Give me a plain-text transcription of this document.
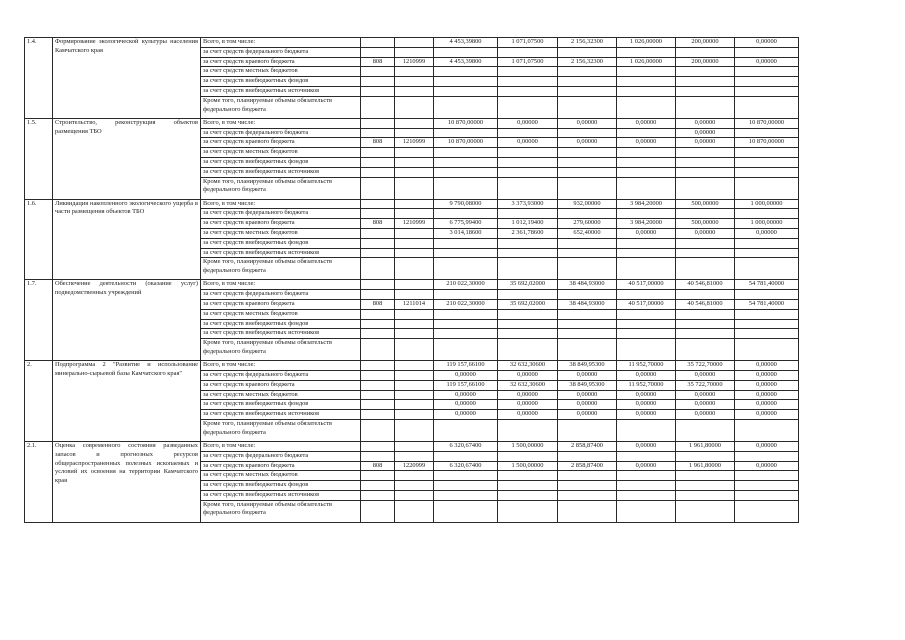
1.4.	Формирование экологической культуры населения Камчатского края	Всего, в том числе:			4 453,39800	1 071,07500	2 156,32300	1 026,00000	200,00000	0,00000
		за счет средств федерального бюджета								
		за счет средств краевого бюджета	808	1210999	4 453,39800	1 071,07500	2 156,32300	1 026,00000	200,00000	0,00000
		за счет средств местных бюджетов								
		за счет средств внебюджетных фондов								
		за счет средств внебюджетных источников								
		Кроме того, планируемые объемы обязательств федерального бюджета								
1.5.	Строительство, реконструкция объектов размещения ТБО	Всего, в том числе:			10 870,00000	0,00000	0,00000	0,00000	0,00000	10 870,00000
		за счет средств федерального бюджета							0,00000	
		за счет средств краевого бюджета	808	1210999	10 870,00000	0,00000	0,00000	0,00000	0,00000	10 870,00000
		за счет средств местных бюджетов								
		за счет средств внебюджетных фондов								
		за счет средств внебюджетных источников								
		Кроме того, планируемые объемы обязательств федерального бюджета								
1.6.	Ликвидация накопленного экологического ущерба в части размещения объектов ТБО	Всего, в том числе:			9 790,08000	3 373,93000	932,00000	3 984,20000	500,00000	1 000,00000
		за счет средств федерального бюджета								
		за счет средств краевого бюджета	808	1210999	6 775,99400	1 012,19400	279,60000	3 984,20000	500,00000	1 000,00000
		за счет средств местных бюджетов			3 014,18600	2 361,78600	652,40000	0,00000	0,00000	0,00000
		за счет средств внебюджетных фондов								
		за счет средств внебюджетных источников								
		Кроме того, планируемые объемы обязательств федерального бюджета								
1.7.	Обеспечение деятельности (оказание услуг) подведомственных учреждений	Всего, в том числе:			210 022,30000	35 692,02000	38 484,93000	40 517,00000	40 546,81000	54 781,40000
		за счет средств федерального бюджета								
		за счет средств краевого бюджета	808	1211014	210 022,30000	35 692,02000	38 484,93000	40 517,00000	40 546,81000	54 781,40000
		за счет средств местных бюджетов								
		за счет средств внебюджетных фондов								
		за счет средств внебюджетных источников								
		Кроме того, планируемые объемы обязательств федерального бюджета								
2.	Подпрограмма 2 "Развитие и использование минерально-сырьевой базы Камчатского края"	Всего, в том числе:			119 157,66100	32 632,30600	38 849,95300	11 952,70000	35 722,70000	0,00000
		за счет средств федерального бюджета			0,00000	0,00000	0,00000	0,00000	0,00000	0,00000
		за счет средств краевого бюджета			119 157,66100	32 632,30600	38 849,95300	11 952,70000	35 722,70000	0,00000
		за счет средств местных бюджетов			0,00000	0,00000	0,00000	0,00000	0,00000	0,00000
		за счет средств внебюджетных фондов			0,00000	0,00000	0,00000	0,00000	0,00000	0,00000
		за счет средств внебюджетных источников			0,00000	0,00000	0,00000	0,00000	0,00000	0,00000
		Кроме того, планируемые объемы обязательств федерального бюджета								
2.1.	Оценка современного состояния разведанных запасов и прогнозных ресурсов общераспространенных полезных ископаемых и условий их освоения на территории Камчатского края	Всего, в том числе:			6 320,67400	1 500,00000	2 858,87400	0,00000	1 961,80000	0,00000
		за счет средств федерального бюджета								
		за счет средств краевого бюджета	808	1220999	6 320,67400	1 500,00000	2 858,87400	0,00000	1 961,80000	0,00000
		за счет средств местных бюджетов								
		за счет средств внебюджетных фондов								
		за счет средств внебюджетных источников								
		Кроме того, планируемые объемы обязательств федерального бюджета								
